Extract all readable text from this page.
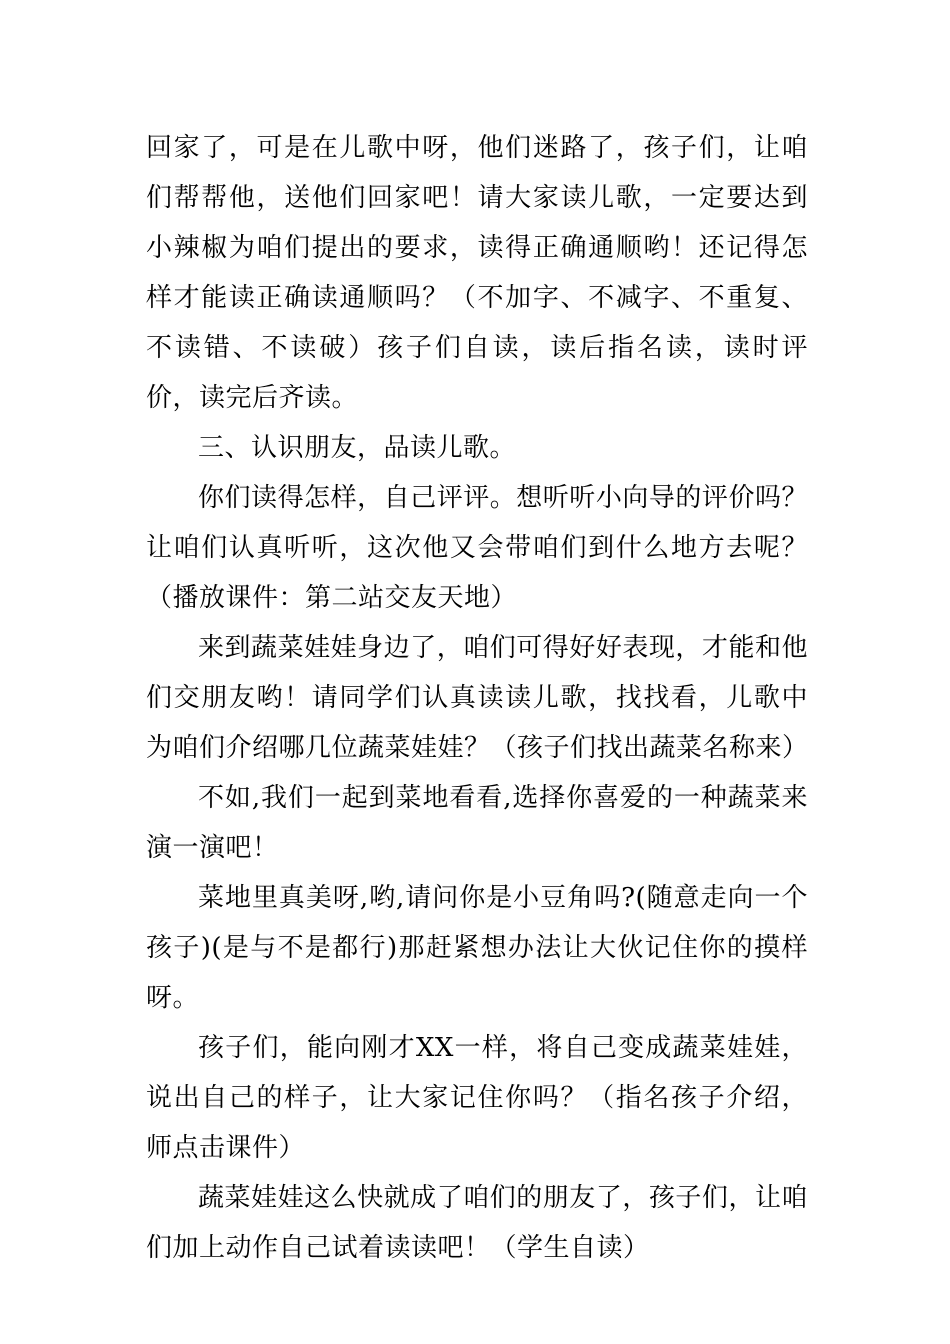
回家了，可是在儿歌中呀，他们迷路了，孩子们，让咱们帮帮他，送他们回家吧！请大家读儿歌，一定要达到小辣椒为咱们提出的要求，读得正确通顺哟！还记得怎样才能读正确读通顺吗？（不加字、不减字、不重复、不读错、不读破）孩子们自读，读后指名读，读时评价，读完后齐读。

三、认识朋友，品读儿歌。

你们读得怎样，自己评评。想听听小向导的评价吗？让咱们认真听听，这次他又会带咱们到什么地方去呢？（播放课件：第二站交友天地）

来到蔬菜娃娃身边了，咱们可得好好表现，才能和他们交朋友哟！请同学们认真读读儿歌，找找看，儿歌中为咱们介绍哪几位蔬菜娃娃？（孩子们找出蔬菜名称来）

不如,我们一起到菜地看看,选择你喜爱的一种蔬菜来演一演吧！

菜地里真美呀,哟,请问你是小豆角吗?(随意走向一个孩子)(是与不是都行)那赶紧想办法让大伙记住你的摸样呀。

孩子们，能向刚才XX一样，将自己变成蔬菜娃娃，说出自己的样子，让大家记住你吗？（指名孩子介绍，师点击课件）

蔬菜娃娃这么快就成了咱们的朋友了，孩子们，让咱们加上动作自己试着读读吧！（学生自读）
